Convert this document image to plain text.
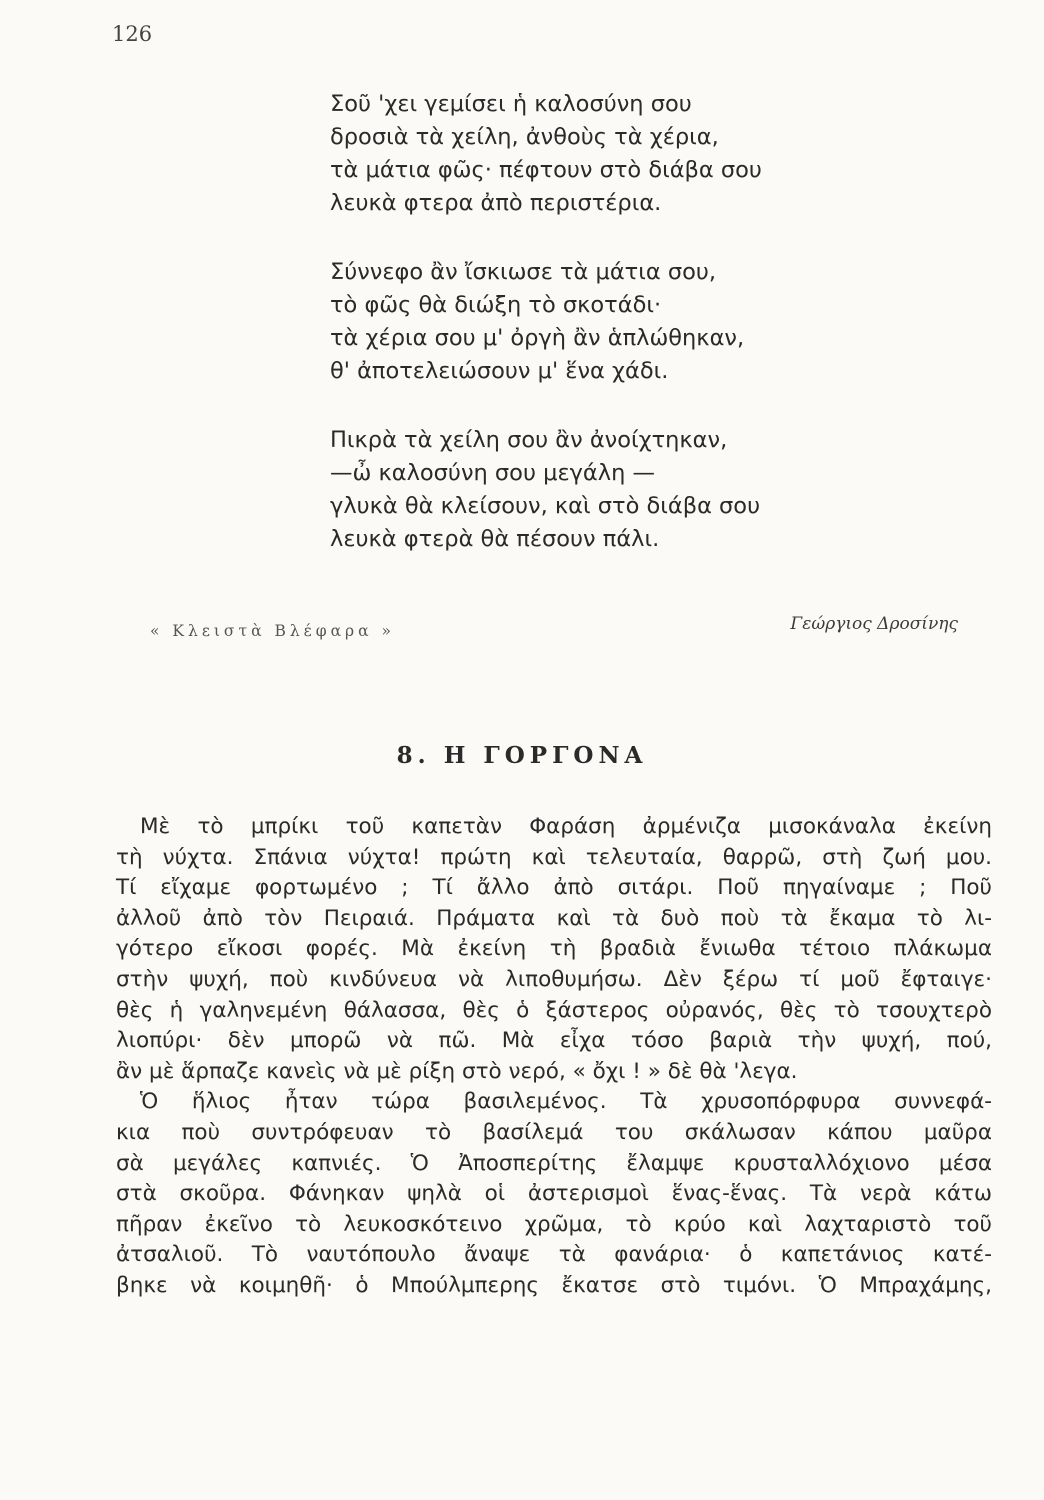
126
Σοῦ 'χει γεμίσει ἡ καλοσύνη σου
δροσιὰ τὰ χείλη, ἀνθοὺς τὰ χέρια,
τὰ μάτια φῶς· πέφτουν στὸ διάβα σου
λευκὰ φτερα ἀπὸ περιστέρια.
Σύννεφο ἂν ἴσκιωσε τὰ μάτια σου,
τὸ φῶς θὰ διώξη τὸ σκοτάδι·
τὰ χέρια σου μ' ὀργὴ ἂν ἁπλώθηκαν,
θ' ἀποτελειώσουν μ' ἕνα χάδι.
Πικρὰ τὰ χείλη σου ἂν ἀνοίχτηκαν,
—ὦ καλοσύνη σου μεγάλη —
γλυκὰ θὰ κλείσουν, καὶ στὸ διάβα σου
λευκὰ φτερὰ θὰ πέσουν πάλι.
« Κλειστὰ Βλέφαρα »	Γεώργιος Δροσίνης
8. Η ΓΟΡΓΟΝΑ
Μὲ τὸ μπρίκι τοῦ καπετὰν Φαράση ἀρμένιζα μισοκάναλα ἐκείνη
τὴ νύχτα. Σπάνια νύχτα! πρώτη καὶ τελευταία, θαρρῶ, στὴ ζωή μου.
Τί εἴχαμε φορτωμένο ; Τί ἄλλο ἀπὸ σιτάρι. Ποῦ πηγαίναμε ; Ποῦ
ἀλλοῦ ἀπὸ τὸν Πειραιά. Πράματα καὶ τὰ δυὸ ποὺ τὰ ἔκαμα τὸ λι-
γότερο εἴκοσι φορές. Μὰ ἐκείνη τὴ βραδιὰ ἔνιωθα τέτοιο πλάκωμα
στὴν ψυχή, ποὺ κινδύνευα νὰ λιποθυμήσω. Δὲν ξέρω τί μοῦ ἔφταιγε·
θὲς ἡ γαληνεμένη θάλασσα, θὲς ὁ ξάστερος οὐρανός, θὲς τὸ τσουχτερὸ
λιοπύρι· δὲν μπορῶ νὰ πῶ. Μὰ εἶχα τόσο βαριὰ τὴν ψυχή, πού,
ἂν μὲ ἅρπαζε κανεὶς νὰ μὲ ρίξη στὸ νερό, « ὄχι ! » δὲ θὰ 'λεγα.
Ὁ ἥλιος ἦταν τώρα βασιλεμένος. Τὰ χρυσοπόρφυρα συννεφά-
κια ποὺ συντρόφευαν τὸ βασίλεμά του σκάλωσαν κάπου μαῦρα
σὰ μεγάλες καπνιές. Ὁ Ἀποσπερίτης ἔλαμψε κρυσταλλόχιονο μέσα
στὰ σκοῦρα. Φάνηκαν ψηλὰ οἱ ἀστερισμοὶ ἕνας-ἕνας. Τὰ νερὰ κάτω
πῆραν ἐκεῖνο τὸ λευκοσκότεινο χρῶμα, τὸ κρύο καὶ λαχταριστὸ τοῦ
ἀτσαλιοῦ. Τὸ ναυτόπουλο ἄναψε τὰ φανάρια· ὁ καπετάνιος κατέ-
βηκε νὰ κοιμηθῆ· ὁ Μπούλμπερης ἔκατσε στὸ τιμόνι. Ὁ Μπραχάμης,
